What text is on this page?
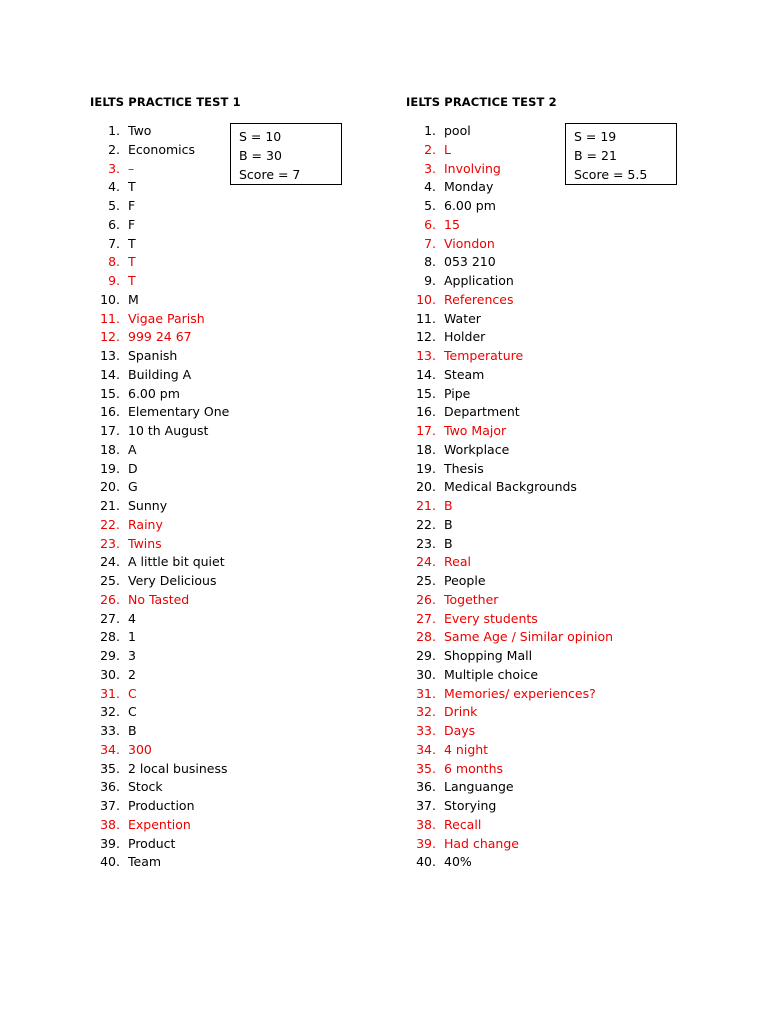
IELTS PRACTICE TEST 1
1. Two
2. Economics
3. –
4. T
5. F
6. F
7. T
8. T
9. T
10. M
11. Vigae Parish
12. 999 24 67
13. Spanish
14. Building A
15. 6.00 pm
16. Elementary One
17. 10 th August
18. A
19. D
20. G
21. Sunny
22. Rainy
23. Twins
24. A little bit quiet
25. Very Delicious
26. No Tasted
27. 4
28. 1
29. 3
30. 2
31. C
32. C
33. B
34. 300
35. 2 local business
36. Stock
37. Production
38. Expention
39. Product
40. Team
S = 10
B = 30
Score = 7
IELTS PRACTICE TEST 2
1. pool
2. L
3. Involving
4. Monday
5. 6.00 pm
6. 15
7. Viondon
8. 053 210
9. Application
10. References
11. Water
12. Holder
13. Temperature
14. Steam
15. Pipe
16. Department
17. Two Major
18. Workplace
19. Thesis
20. Medical Backgrounds
21. B
22. B
23. B
24. Real
25. People
26. Together
27. Every students
28. Same Age / Similar opinion
29. Shopping Mall
30. Multiple choice
31. Memories/ experiences?
32. Drink
33. Days
34. 4 night
35. 6 months
36. Languange
37. Storying
38. Recall
39. Had change
40. 40%
S = 19
B = 21
Score = 5.5
